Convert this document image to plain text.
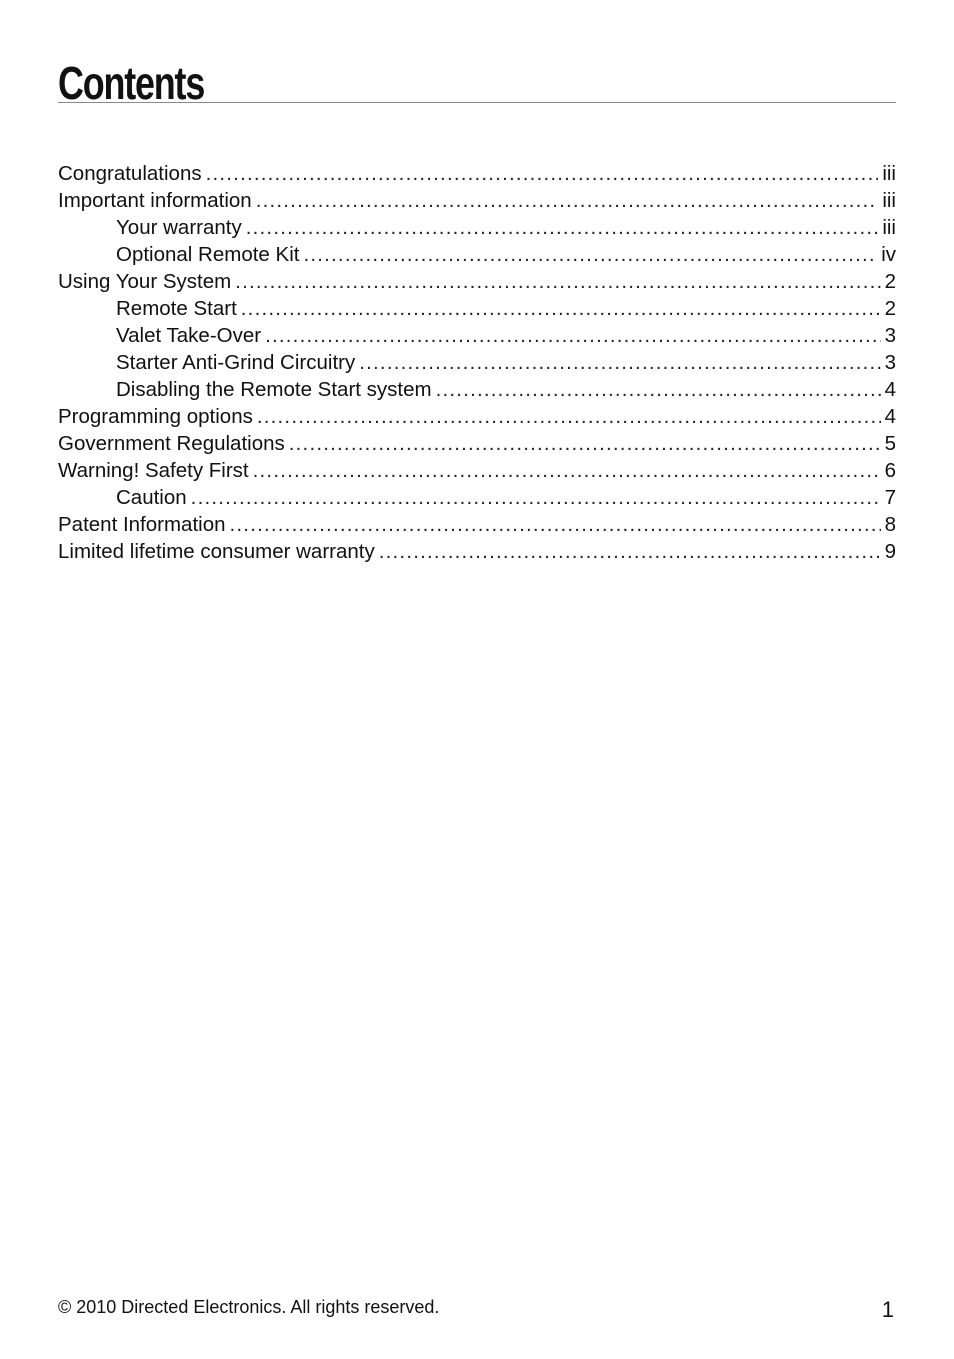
Contents
Congratulations .....	iii
Important information .....	iii
Your warranty .....	iii
Optional Remote Kit .....	iv
Using Your System .....	2
Remote Start .....	2
Valet Take-Over .....	3
Starter Anti-Grind Circuitry .....	3
Disabling the Remote Start system .....	4
Programming options .....	4
Government Regulations .....	5
Warning! Safety First .....	6
Caution .....	7
Patent Information .....	8
Limited lifetime consumer warranty .....	9
© 2010 Directed Electronics. All rights reserved.	1
